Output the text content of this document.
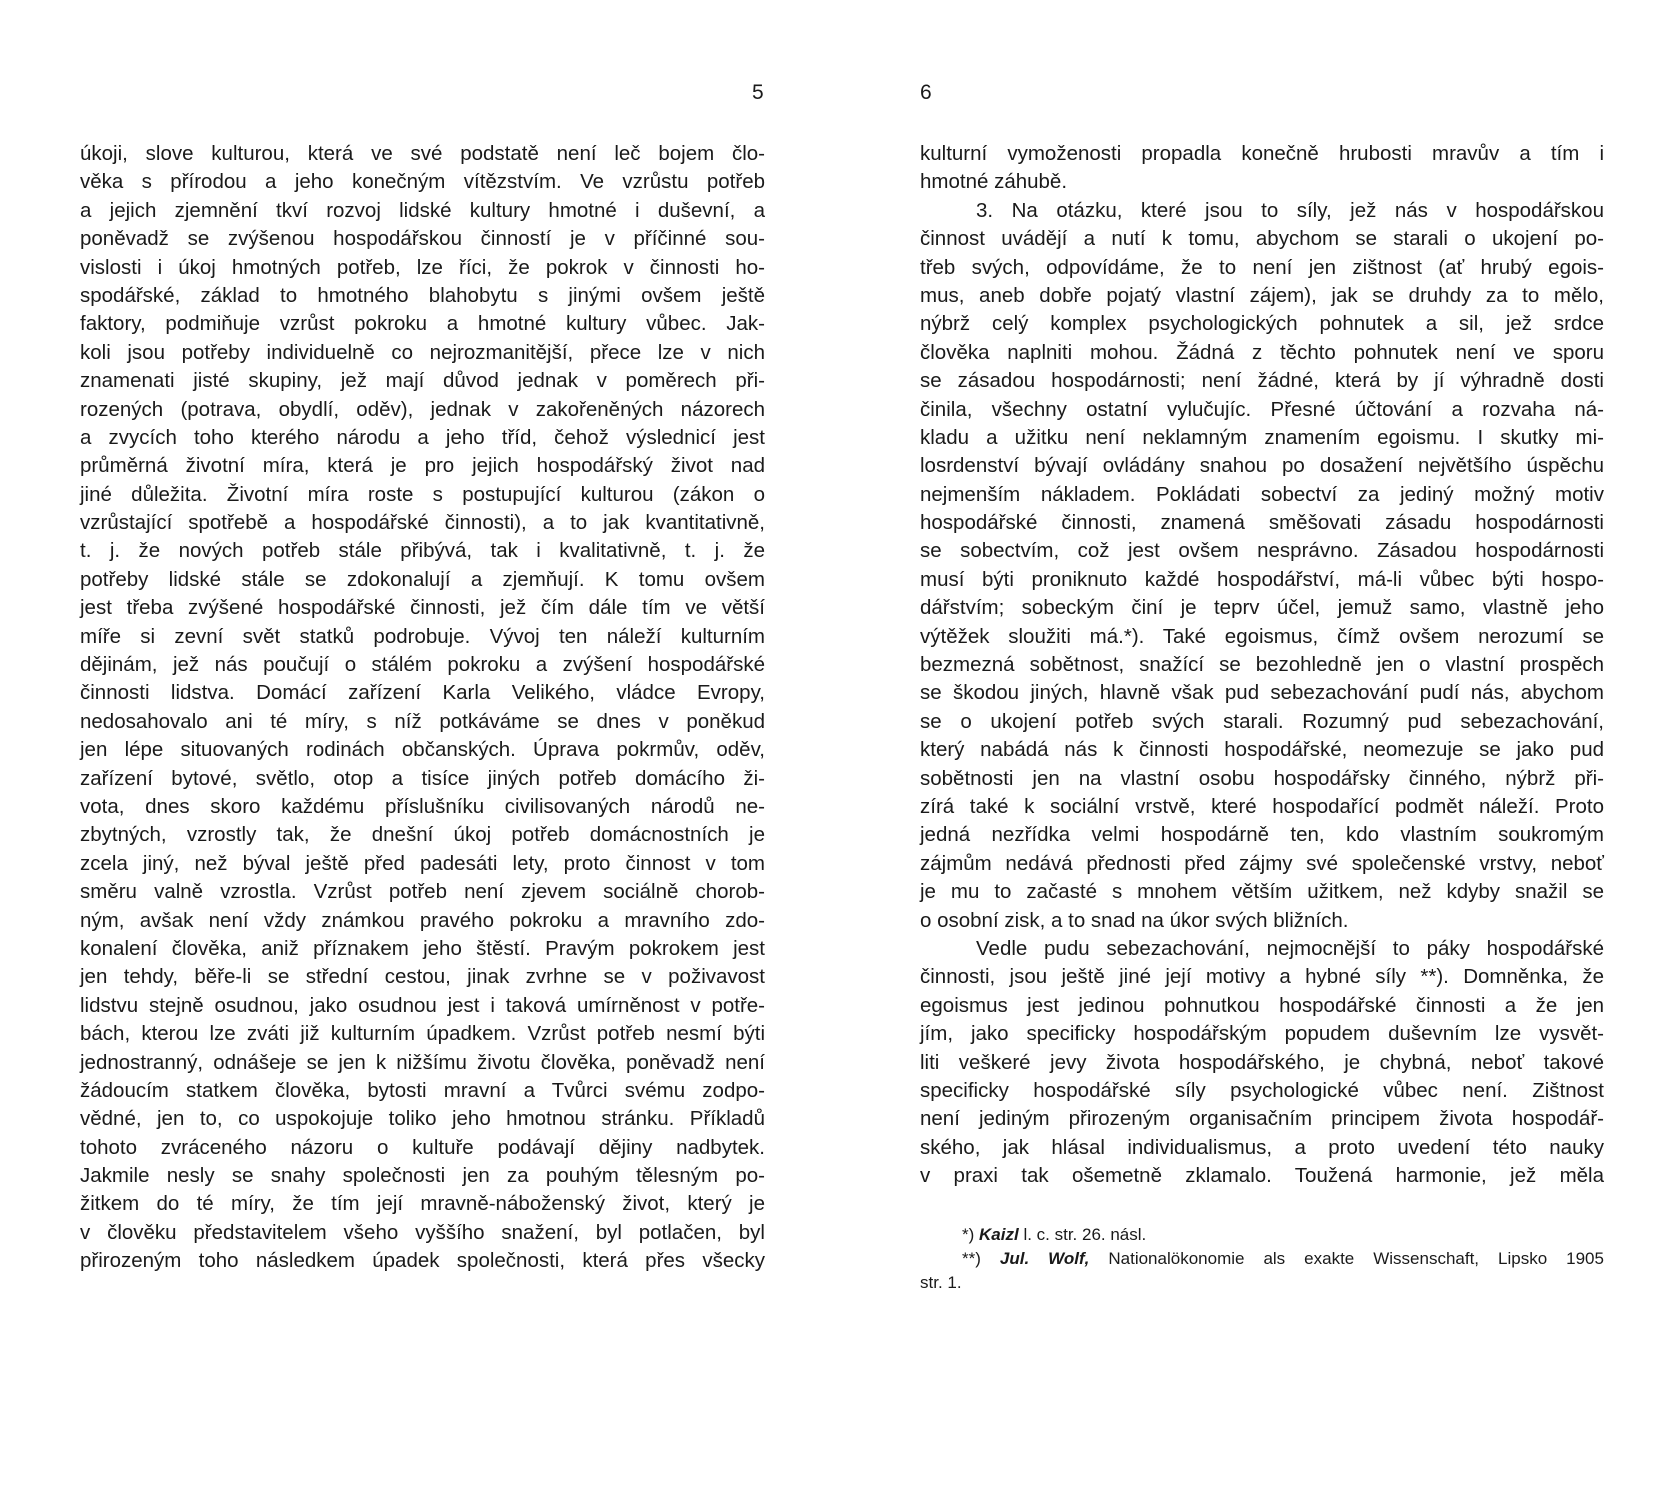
5
úkoji, slove kulturou, která ve své podstatě není leč bojem člo-
věka s přírodou a jeho konečným vítězstvím. Ve vzrůstu potřeb
a jejich zjemnění tkví rozvoj lidské kultury hmotné i duševní, a
poněvadž se zvýšenou hospodářskou činností je v příčinné sou-
vislosti i úkoj hmotných potřeb, lze říci, že pokrok v činnosti ho-
spodářské, základ to hmotného blahobytu s jinými ovšem ještě
faktory, podmiňuje vzrůst pokroku a hmotné kultury vůbec. Jak-
koli jsou potřeby individuelně co nejrozmanitější, přece lze v nich
znamenati jisté skupiny, jež mají důvod jednak v poměrech při-
rozených (potrava, obydlí, oděv), jednak v zakořeněných názorech
a zvycích toho kterého národu a jeho tříd, čehož výslednicí jest
průměrná životní míra, která je pro jejich hospodářský život nad
jiné důležita. Životní míra roste s postupující kulturou (zákon o
vzrůstající spotřebě a hospodářské činnosti), a to jak kvantitativně,
t. j. že nových potřeb stále přibývá, tak i kvalitativně, t. j. že
potřeby lidské stále se zdokonalují a zjemňují. K tomu ovšem
jest třeba zvýšené hospodářské činnosti, jež čím dále tím ve větší
míře si zevní svět statků podrobuje. Vývoj ten náleží kulturním
dějinám, jež nás poučují o stálém pokroku a zvýšení hospodářské
činnosti lidstva. Domácí zařízení Karla Velikého, vládce Evropy,
nedosahovalo ani té míry, s níž potkáváme se dnes v poněkud
jen lépe situovaných rodinách občanských. Úprava pokrmův, oděv,
zařízení bytové, světlo, otop a tisíce jiných potřeb domácího ži-
vota, dnes skoro každému příslušníku civilisovaných národů ne-
zbytných, vzrostly tak, že dnešní úkoj potřeb domácnostních je
zcela jiný, než býval ještě před padesáti lety, proto činnost v tom
směru valně vzrostla. Vzrůst potřeb není zjevem sociálně chorob-
ným, avšak není vždy známkou pravého pokroku a mravního zdo-
konalení člověka, aniž příznakem jeho štěstí. Pravým pokrokem jest
jen tehdy, běře-li se střední cestou, jinak zvrhne se v poživavost
lidstvu stejně osudnou, jako osudnou jest i taková umírněnost v potře-
bách, kterou lze zváti již kulturním úpadkem. Vzrůst potřeb nesmí býti
jednostranný, odnášeje se jen k nižšímu životu člověka, poněvadž není
žádoucím statkem člověka, bytosti mravní a Tvůrci svému zodpo-
vědné, jen to, co uspokojuje toliko jeho hmotnou stránku. Příkladů
tohoto zvráceného názoru o kultuře podávají dějiny nadbytek.
Jakmile nesly se snahy společnosti jen za pouhým tělesným po-
žitkem do té míry, že tím její mravně-náboženský život, který je
v člověku představitelem všeho vyššího snažení, byl potlačen, byl
přirozeným toho následkem úpadek společnosti, která přes všecky
6
kulturní vymoženosti propadla konečně hrubosti mravův a tím i
hmotné záhubě.
3. Na otázku, které jsou to síly, jež nás v hospodářskou
činnost uvádějí a nutí k tomu, abychom se starali o ukojení po-
třeb svých, odpovídáme, že to není jen zištnost (ať hrubý egois-
mus, aneb dobře pojatý vlastní zájem), jak se druhdy za to mělo,
nýbrž celý komplex psychologických pohnutek a sil, jež srdce
člověka naplniti mohou. Žádná z těchto pohnutek není ve sporu
se zásadou hospodárnosti; není žádné, která by jí výhradně dosti
činila, všechny ostatní vylučujíc. Přesné účtování a rozvaha ná-
kladu a užitku není neklamným znamením egoismu. I skutky mi-
losrdenství bývají ovládány snahou po dosažení největšího úspěchu
nejmenším nákladem. Pokládati sobectví za jediný možný motiv
hospodářské činnosti, znamená směšovati zásadu hospodárnosti
se sobectvím, což jest ovšem nesprávno. Zásadou hospodárnosti
musí býti proniknuto každé hospodářství, má-li vůbec býti hospo-
dářstvím; sobeckým činí je teprv účel, jemuž samo, vlastně jeho
výtěžek sloužiti má.*). Také egoismus, čímž ovšem nerozumí se
bezmezná sobětnost, snažící se bezohledně jen o vlastní prospěch
se škodou jiných, hlavně však pud sebezachování pudí nás, abychom
se o ukojení potřeb svých starali. Rozumný pud sebezachování,
který nabádá nás k činnosti hospodářské, neomezuje se jako pud
sobětnosti jen na vlastní osobu hospodářsky činného, nýbrž při-
zírá také k sociální vrstvě, které hospodařící podmět náleží. Proto
jedná nezřídka velmi hospodárně ten, kdo vlastním soukromým
zájmům nedává přednosti před zájmy své společenské vrstvy, neboť
je mu to začasté s mnohem větším užitkem, než kdyby snažil se
o osobní zisk, a to snad na úkor svých bližních.
Vedle pudu sebezachování, nejmocnější to páky hospodářské
činnosti, jsou ještě jiné její motivy a hybné síly **). Domněnka, že
egoismus jest jedinou pohnutkou hospodářské činnosti a že jen
jím, jako specificky hospodářským popudem duševním lze vysvět-
liti veškeré jevy života hospodářského, je chybná, neboť takové
specificky hospodářské síly psychologické vůbec není. Zištnost
není jediným přirozeným organisačním principem života hospodář-
ského, jak hlásal individualismus, a proto uvedení této nauky
v praxi tak ošemetně zklamalo. Toužená harmonie, jež měla
*) Kaizl l. c. str. 26. násl.
**) Jul. Wolf, Nationalökonomie als exakte Wissenschaft, Lipsko 1905
str. 1.
